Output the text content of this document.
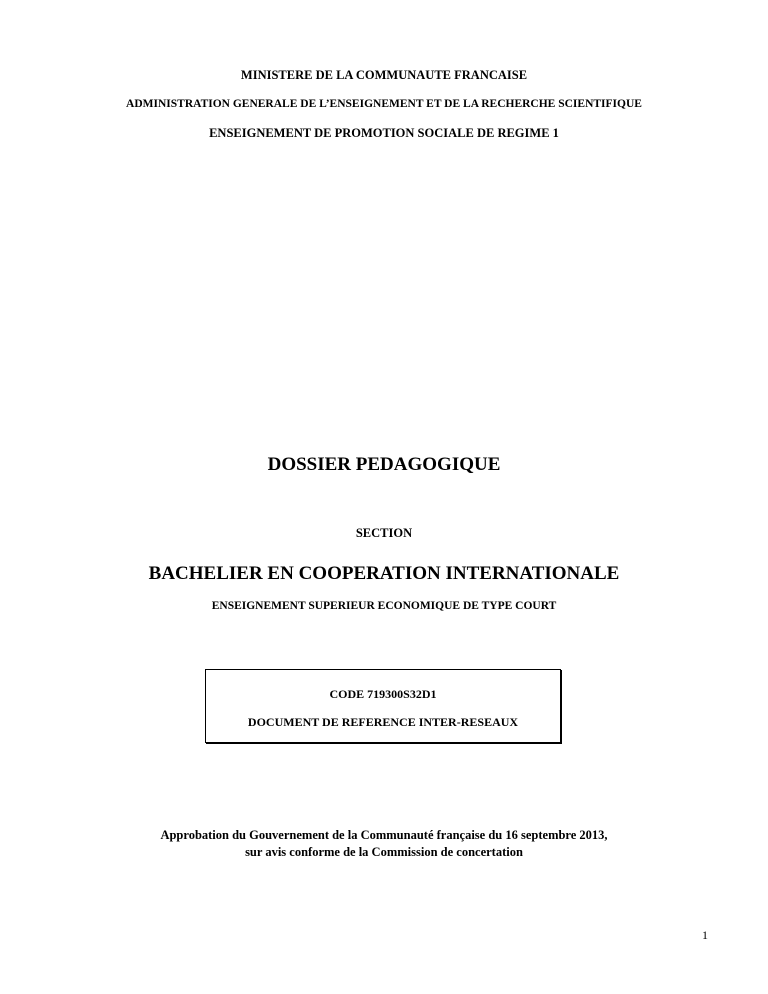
MINISTERE DE LA COMMUNAUTE FRANCAISE
ADMINISTRATION GENERALE DE L’ENSEIGNEMENT ET DE LA RECHERCHE SCIENTIFIQUE
ENSEIGNEMENT DE PROMOTION SOCIALE DE REGIME 1
DOSSIER PEDAGOGIQUE
SECTION
BACHELIER EN COOPERATION INTERNATIONALE
ENSEIGNEMENT SUPERIEUR ECONOMIQUE DE TYPE COURT
CODE 719300S32D1
DOCUMENT DE REFERENCE INTER-RESEAUX
Approbation du Gouvernement de la Communauté française du 16 septembre 2013,
sur avis conforme de la Commission de concertation
1
